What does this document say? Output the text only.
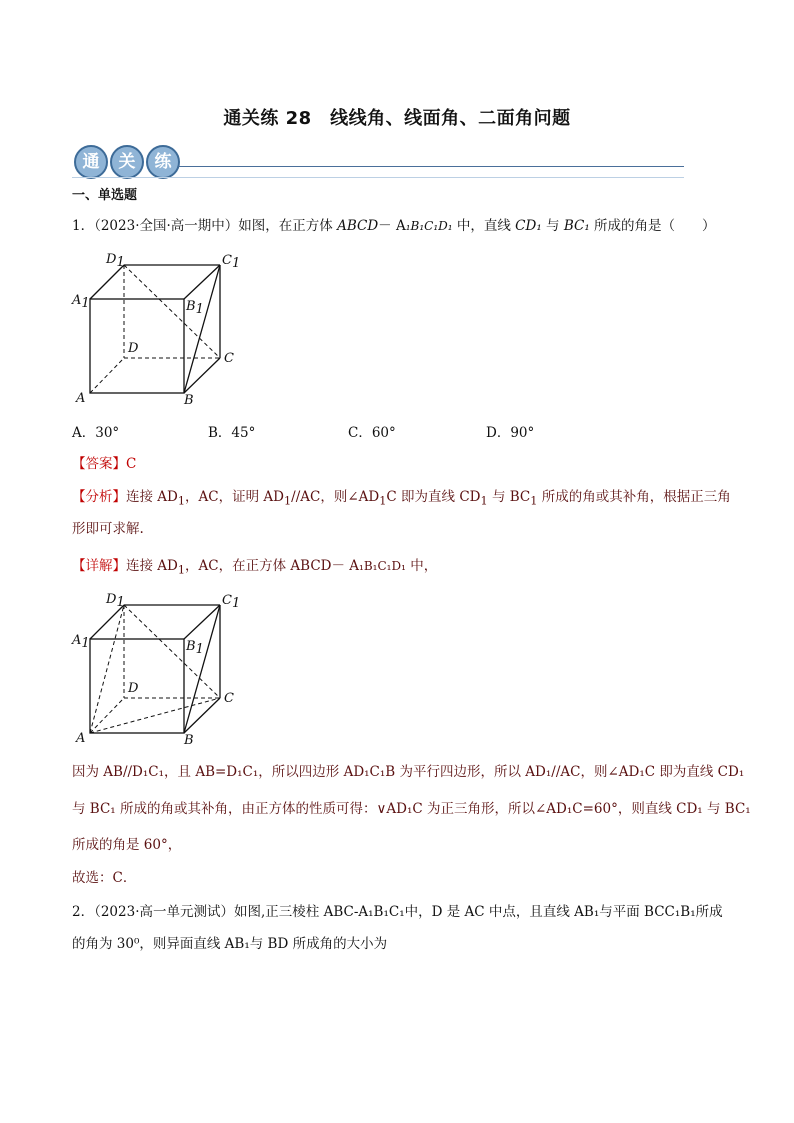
通关练 28　线线角、线面角、二面角问题
通	关	练
一、单选题
1．（2023·全国·高一期中）如图，在正方体 ABCD－ A₁B₁C₁D₁ 中，直线 CD₁ 与 BC₁ 所成的角是（　　）
D1	C1
A1	B1
D
C
A	B
A．30°	B．45°	C．60°	D．90°
【答案】C
【分析】连接 $AD_1$，AC，证明 $AD_1//AC$，则$\angle AD_1C$ 即为直线 $CD_1$ 与 $BC_1$ 所成的角或其补角，根据正三角
形即可求解.
【详解】连接 $AD_1$，AC，在正方体 ABCD－ A₁B₁C₁D₁ 中，
D1	C1
A1	B1
D
C
A	B
因为 AB//D₁C₁，且 AB=D₁C₁，所以四边形 AD₁C₁B 为平行四边形，所以 AD₁//AC，则∠AD₁C 即为直线 CD₁
与 BC₁ 所成的角或其补角，由正方体的性质可得：∨AD₁C 为正三角形，所以∠AD₁C=60°，则直线 CD₁ 与 BC₁
所成的角是 60°，
故选：C．
2．（2023·高一单元测试）如图,正三棱柱 ABC-A₁B₁C₁中，D 是 AC 中点，且直线 AB₁与平面 BCC₁B₁所成
的角为 30⁰，则异面直线 AB₁与 BD 所成角的大小为
